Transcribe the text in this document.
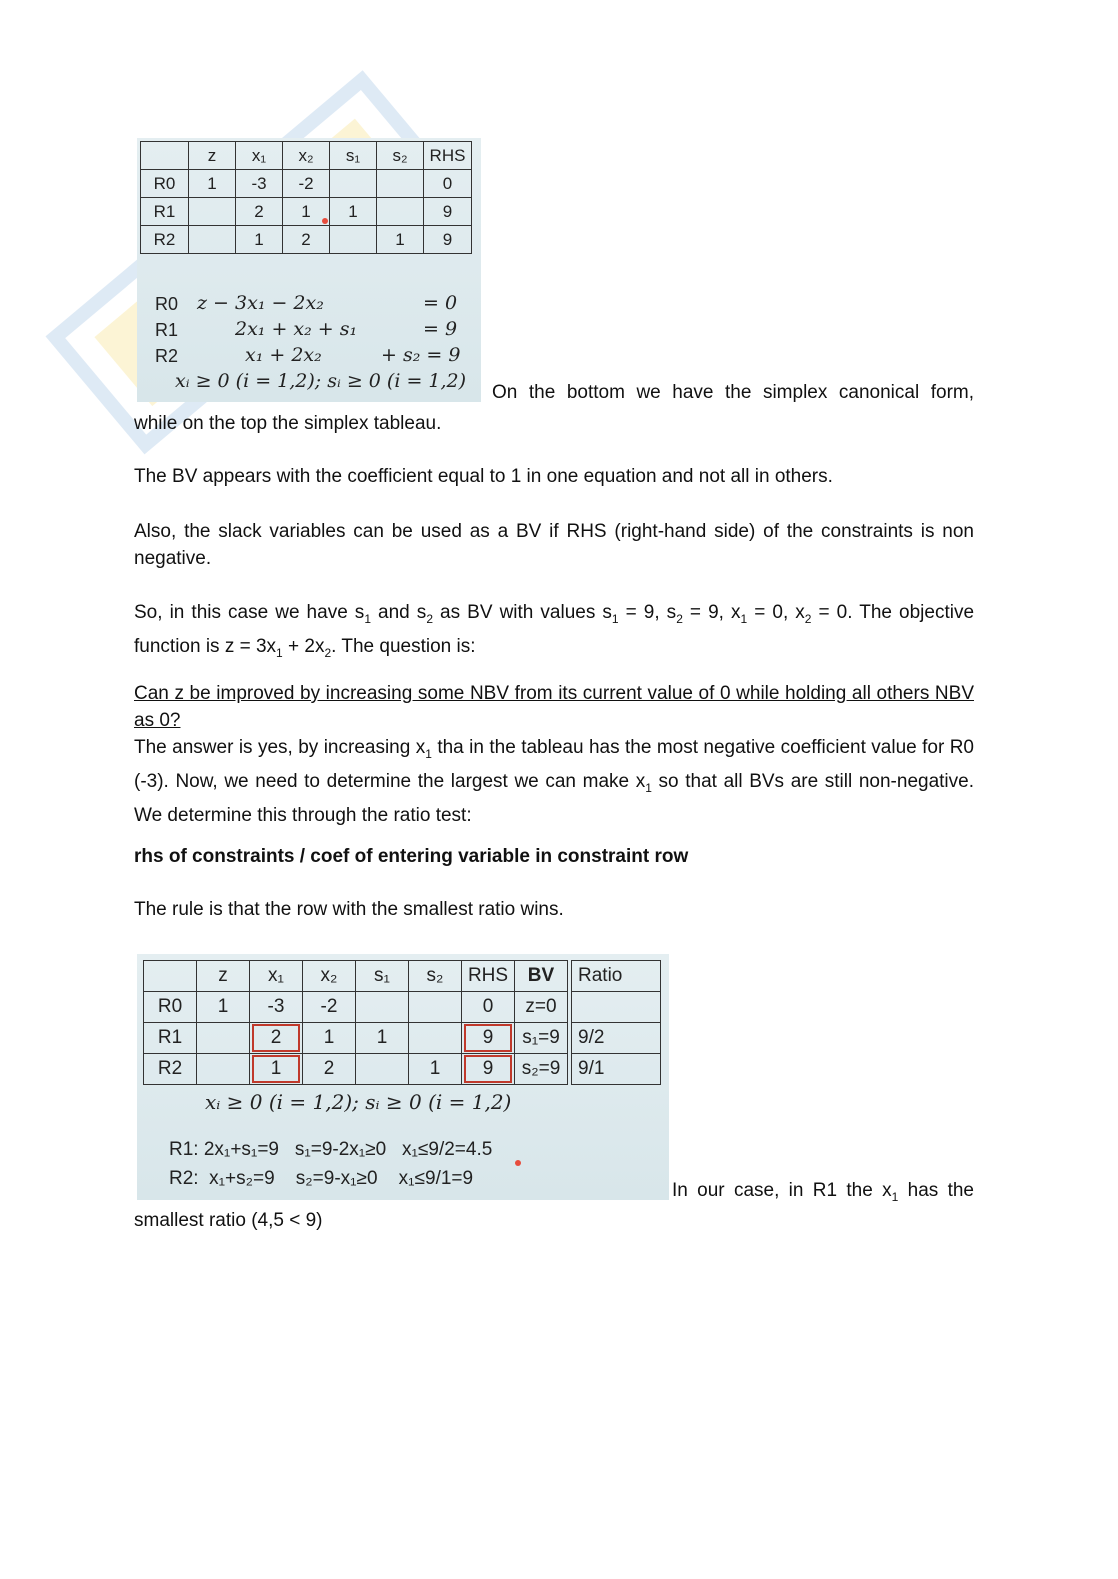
	z	x₁	x₂	s₁	s₂	RHS
R0	1	-3	-2			0
R1		2	1	1		9
R2		1	2		1	9
R0
R1
R2
z − 3x₁ − 2x₂	= 0
2x₁ + x₂ + s₁	= 9
x₁ + 2x₂	+ s₂ = 9
xᵢ ≥ 0 (i = 1,2); sᵢ ≥ 0 (i = 1,2)
On the bottom we have the simplex canonical form,
while on the top the simplex tableau.
The BV appears with the coefficient equal to 1 in one equation and not all in others.
Also, the slack variables can be used as a BV if RHS (right-hand side) of the constraints is non negative.
So, in this case we have $s_1$ and $s_2$ as BV with values $s_1 = 9$, $s_2 = 9$, $x_1 = 0$, $x_2 = 0$. The objective function is $z = 3x_1 + 2x_2$. The question is:
Can z be improved by increasing some NBV from its current value of 0 while holding all others NBV as 0?
The answer is yes, by increasing $x_1$ tha in the tableau has the most negative coefficient value for R0 (-3). Now, we need to determine the largest we can make $x_1$ so that all BVs are still non-negative. We determine this through the ratio test:
rhs of constraints / coef of entering variable in constraint row
The rule is that the row with the smallest ratio wins.
	z	x₁	x₂	s₁	s₂	RHS	BV		Ratio
R0	1	-3	-2			0	z=0		
R1		2	1	1		9	s₁=9		9/2
R2		1	2		1	9	s₂=9		9/1
xᵢ ≥ 0 (i = 1,2); sᵢ ≥ 0 (i = 1,2)
R1: 2x₁+s₁=9   s₁=9-2x₁≥0   x₁≤9/2=4.5
R2:  x₁+s₂=9    s₂=9-x₁≥0    x₁≤9/1=9
In our case, in R1 the $x_1$ has the
smallest ratio (4,5 < 9)
